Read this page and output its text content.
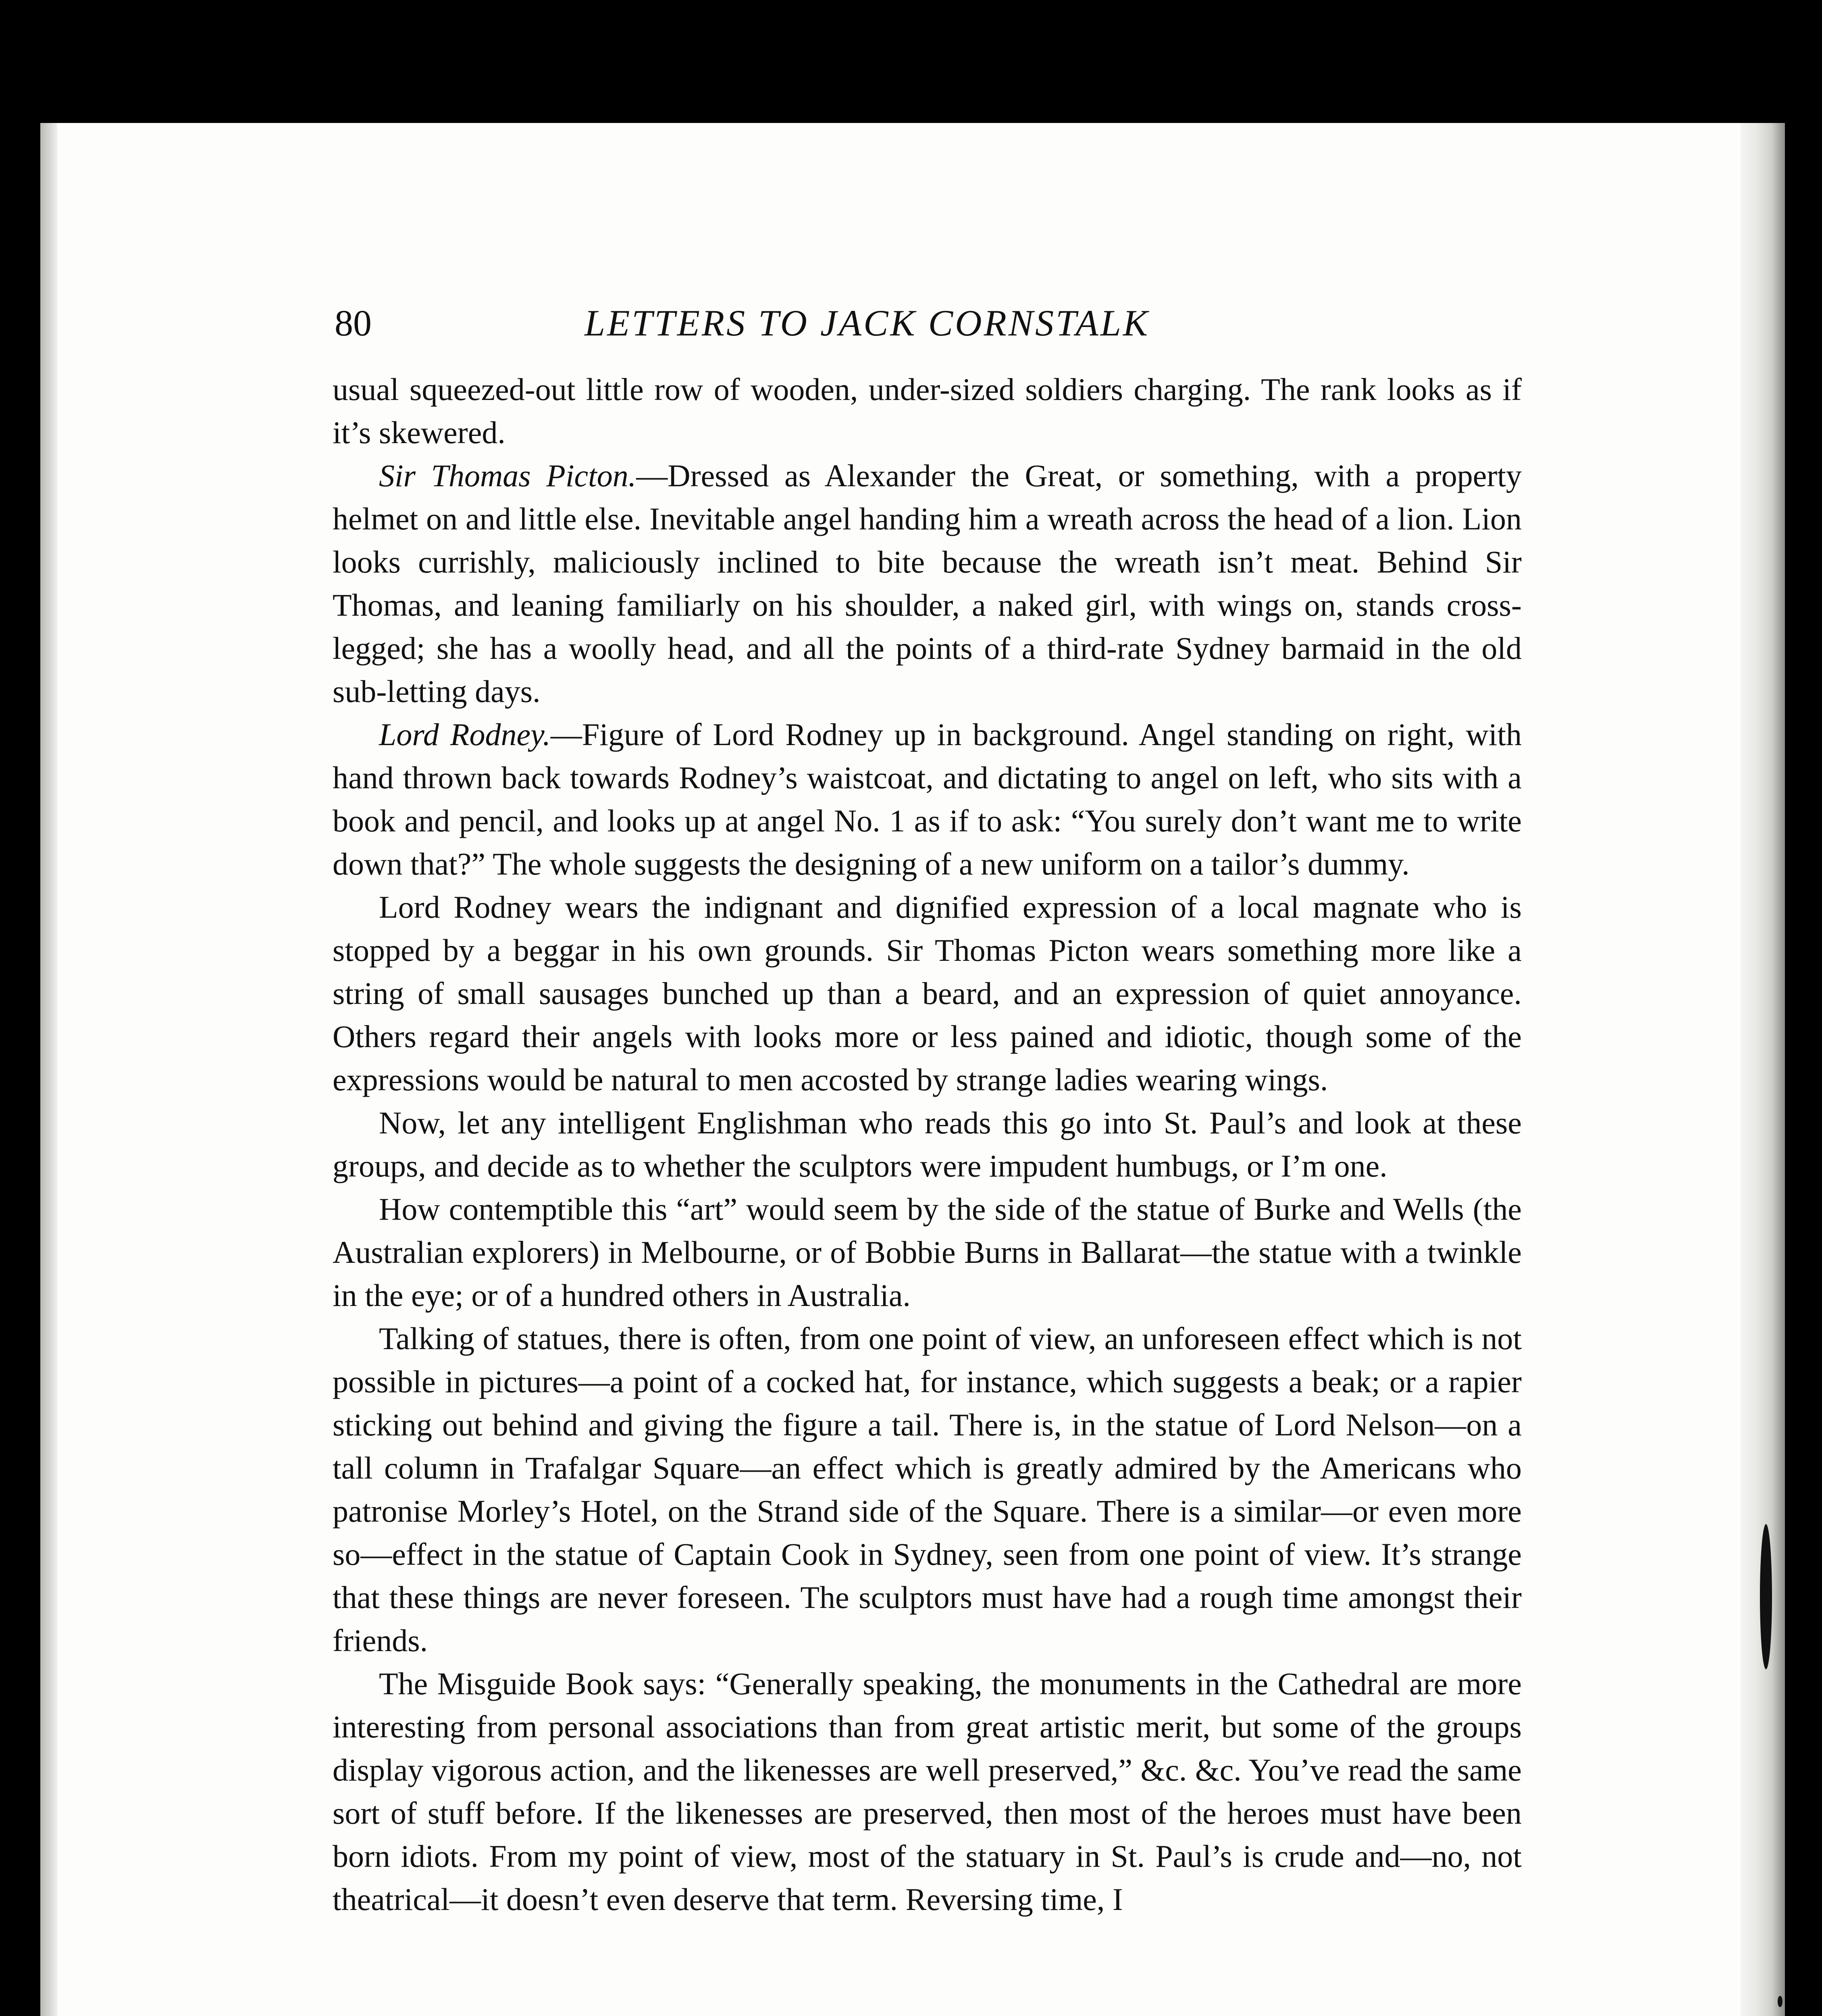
80	LETTERS TO JACK CORNSTALK

usual squeezed-out little row of wooden, under-sized soldiers charging. The rank looks as if it’s skewered.

Sir Thomas Picton.—Dressed as Alexander the Great, or something, with a property helmet on and little else. Inevitable angel handing him a wreath across the head of a lion. Lion looks currishly, maliciously inclined to bite because the wreath isn’t meat. Behind Sir Thomas, and leaning familiarly on his shoulder, a naked girl, with wings on, stands cross-legged; she has a woolly head, and all the points of a third-rate Sydney barmaid in the old sub-letting days.

Lord Rodney.—Figure of Lord Rodney up in background. Angel standing on right, with hand thrown back towards Rodney’s waistcoat, and dictating to angel on left, who sits with a book and pencil, and looks up at angel No. 1 as if to ask: “You surely don’t want me to write down that?” The whole suggests the designing of a new uniform on a tailor’s dummy.

Lord Rodney wears the indignant and dignified expression of a local magnate who is stopped by a beggar in his own grounds. Sir Thomas Picton wears something more like a string of small sausages bunched up than a beard, and an expression of quiet annoyance. Others regard their angels with looks more or less pained and idiotic, though some of the expressions would be natural to men accosted by strange ladies wearing wings.

Now, let any intelligent Englishman who reads this go into St. Paul’s and look at these groups, and decide as to whether the sculptors were impudent humbugs, or I’m one.

How contemptible this “art” would seem by the side of the statue of Burke and Wells (the Australian explorers) in Melbourne, or of Bobbie Burns in Ballarat—the statue with a twinkle in the eye; or of a hundred others in Australia.

Talking of statues, there is often, from one point of view, an unforeseen effect which is not possible in pictures—a point of a cocked hat, for instance, which suggests a beak; or a rapier sticking out behind and giving the figure a tail. There is, in the statue of Lord Nelson—on a tall column in Trafalgar Square—an effect which is greatly admired by the Americans who patronise Morley’s Hotel, on the Strand side of the Square. There is a similar—or even more so—effect in the statue of Captain Cook in Sydney, seen from one point of view. It’s strange that these things are never foreseen. The sculptors must have had a rough time amongst their friends.

The Misguide Book says: “Generally speaking, the monuments in the Cathedral are more interesting from personal associations than from great artistic merit, but some of the groups display vigorous action, and the likenesses are well preserved,” &c. &c. You’ve read the same sort of stuff before. If the likenesses are preserved, then most of the heroes must have been born idiots. From my point of view, most of the statuary in St. Paul’s is crude and—no, not theatrical—it doesn’t even deserve that term. Reversing time, I
